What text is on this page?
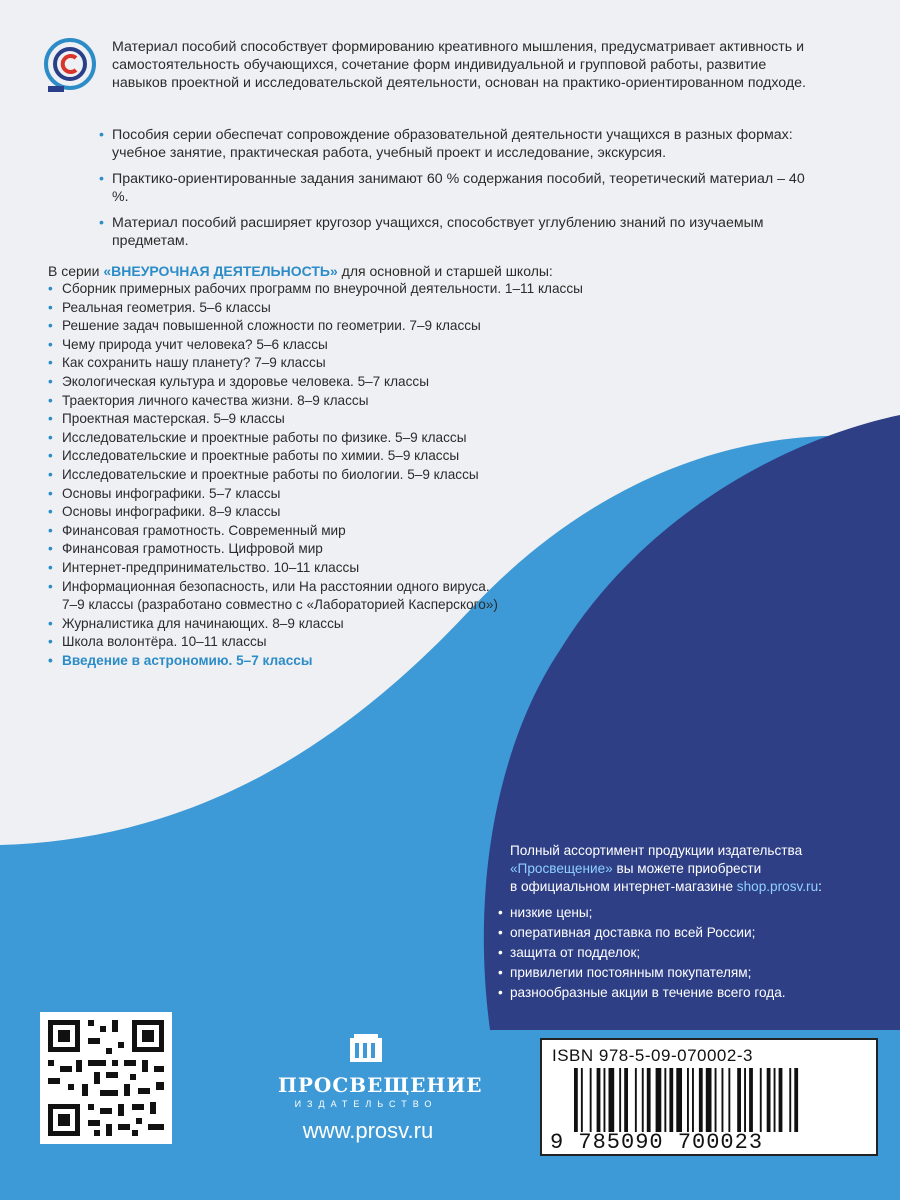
Материал пособий способствует формированию креативного мышления, предусматривает активность и самостоятельность обучающихся, сочетание форм индивидуальной и групповой работы, развитие навыков проектной и исследовательской деятельности, основан на практико-ориентированном подходе.

• Пособия серии обеспечат сопровождение образовательной деятельности учащихся в разных формах: учебное занятие, практическая работа, учебный проект и исследование, экскурсия.
• Практико-ориентированные задания занимают 60 % содержания пособий, теоретический материал – 40 %.
• Материал пособий расширяет кругозор учащихся, способствует углублению знаний по изучаемым предметам.
В серии «ВНЕУРОЧНАЯ ДЕЯТЕЛЬНОСТЬ» для основной и старшей школы:
• Сборник примерных рабочих программ по внеурочной деятельности. 1–11 классы
• Реальная геометрия. 5–6 классы
• Решение задач повышенной сложности по геометрии. 7–9 классы
• Чему природа учит человека? 5–6 классы
• Как сохранить нашу планету? 7–9 классы
• Экологическая культура и здоровье человека. 5–7 классы
• Траектория личного качества жизни. 8–9 классы
• Проектная мастерская. 5–9 классы
• Исследовательские и проектные работы по физике. 5–9 классы
• Исследовательские и проектные работы по химии. 5–9 классы
• Исследовательские и проектные работы по биологии. 5–9 классы
• Основы инфографики. 5–7 классы
• Основы инфографики. 8–9 классы
• Финансовая грамотность. Современный мир
• Финансовая грамотность. Цифровой мир
• Интернет-предпринимательство. 10–11 классы
• Информационная безопасность, или На расстоянии одного вируса.
7–9 классы (разработано совместно с «Лабораторией Касперского»)
• Журналистика для начинающих. 8–9 классы
• Школа волонтёра. 10–11 классы
• Введение в астрономию. 5–7 классы
Полный ассортимент продукции издательства
«Просвещение» вы можете приобрести
в официальном интернет-магазине shop.prosv.ru:
• низкие цены;
• оперативная доставка по всей России;
• защита от подделок;
• привилегии постоянным покупателям;
• разнообразные акции в течение всего года.
ПРОСВЕЩЕНИЕ
ИЗДАТЕЛЬСТВО
www.prosv.ru
ISBN 978-5-09-070002-3
9 785090 700023
